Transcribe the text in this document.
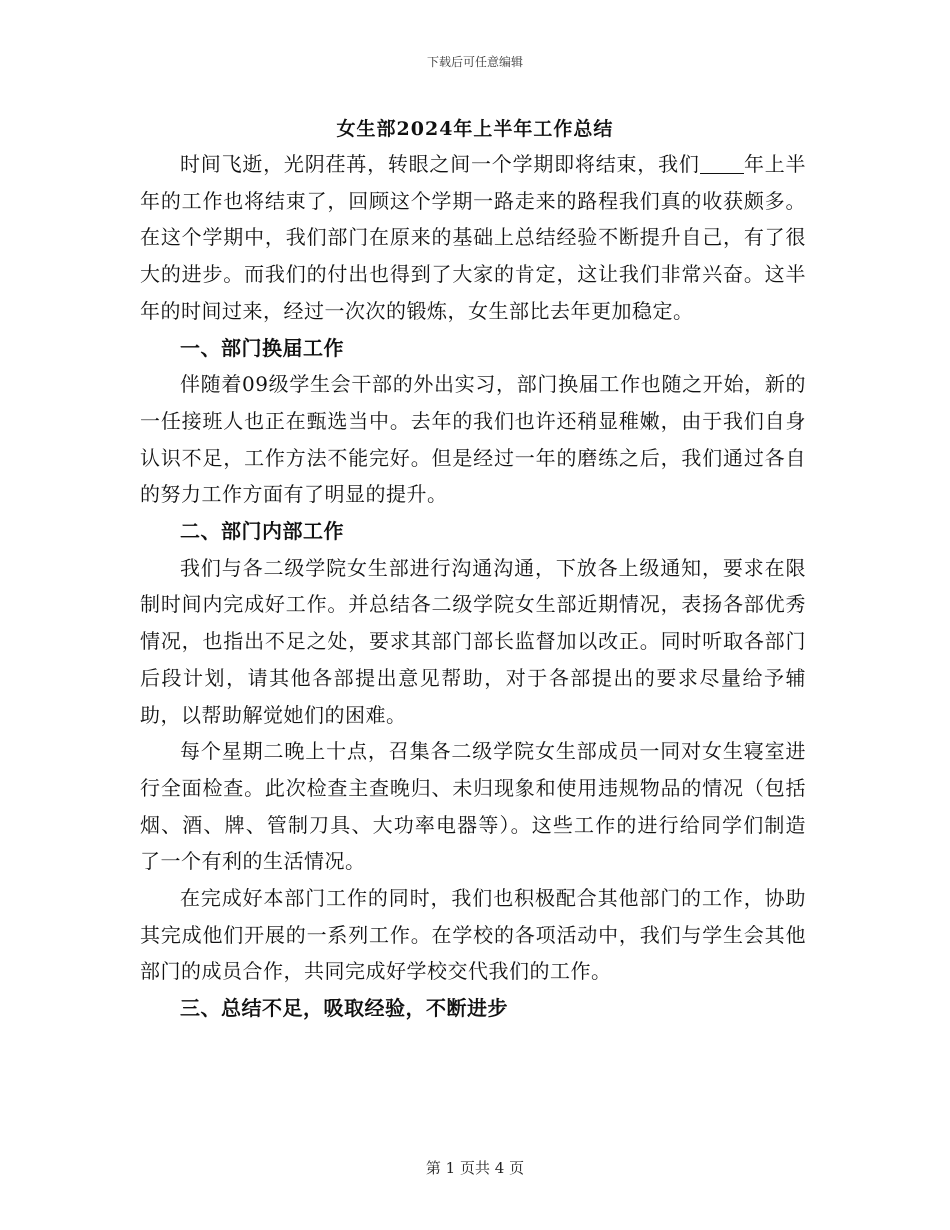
下载后可任意编辑
女生部2024年上半年工作总结

时间飞逝，光阴荏苒，转眼之间一个学期即将结束，我们 年上半年的工作也将结束了，回顾这个学期一路走来的路程我们真的收获颇多。在这个学期中，我们部门在原来的基础上总结经验不断提升自己，有了很大的进步。而我们的付出也得到了大家的肯定，这让我们非常兴奋。这半年的时间过来，经过一次次的锻炼，女生部比去年更加稳定。

一、部门换届工作

伴随着09级学生会干部的外出实习，部门换届工作也随之开始，新的一任接班人也正在甄选当中。去年的我们也许还稍显稚嫩，由于我们自身认识不足，工作方法不能完好。但是经过一年的磨练之后，我们通过各自的努力工作方面有了明显的提升。

二、部门内部工作

我们与各二级学院女生部进行沟通沟通，下放各上级通知，要求在限制时间内完成好工作。并总结各二级学院女生部近期情况，表扬各部优秀情况，也指出不足之处，要求其部门部长监督加以改正。同时听取各部门后段计划，请其他各部提出意见帮助，对于各部提出的要求尽量给予辅助，以帮助解觉她们的困难。

每个星期二晚上十点，召集各二级学院女生部成员一同对女生寝室进行全面检查。此次检查主查晚归、未归现象和使用违规物品的情况（包括烟、酒、牌、管制刀具、大功率电器等）。这些工作的进行给同学们制造了一个有利的生活情况。

在完成好本部门工作的同时，我们也积极配合其他部门的工作，协助其完成他们开展的一系列工作。在学校的各项活动中，我们与学生会其他部门的成员合作，共同完成好学校交代我们的工作。

三、总结不足，吸取经验，不断进步
第 1 页共 4 页
